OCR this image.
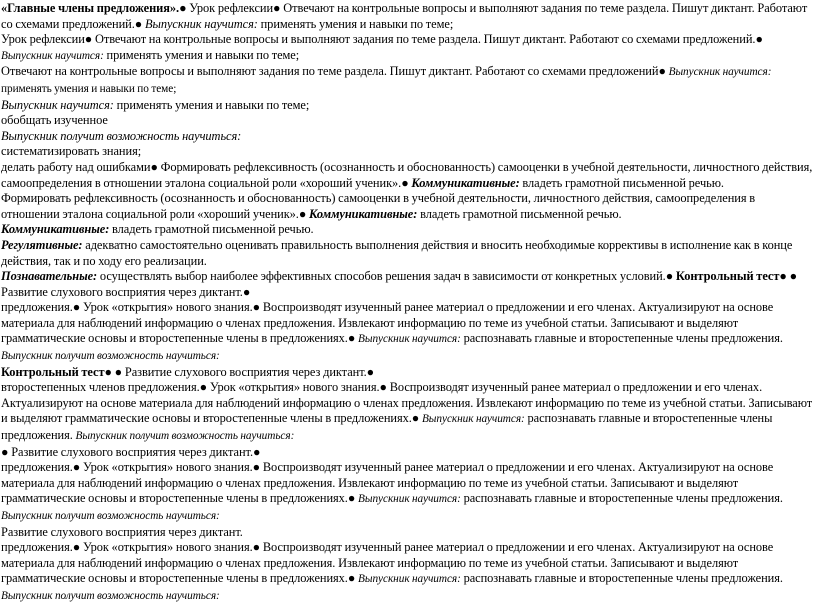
«Главные члены предложения».● Урок рефлексии● Отвечают на контрольные вопросы и выполняют задания по теме раздела. Пишут диктант. Работают со схемами предложений.● Выпускник научится: применять умения и навыки по теме;
Урок рефлексии● Отвечают на контрольные вопросы и выполняют задания по теме раздела. Пишут диктант. Работают со схемами предложений.● Выпускник научится: применять умения и навыки по теме;
Отвечают на контрольные вопросы и выполняют задания по теме раздела. Пишут диктант. Работают со схемами предложений● Выпускник научится:
применять умения и навыки по теме;
Выпускник научится: применять умения и навыки по теме;
обобщать изученное
Выпускник получит возможность научиться:
систематизировать знания;
делать работу над ошибками● Формировать рефлексивность (осознанность и обоснованность) самооценки в учебной деятельности, личностного действия, самоопределения в отношении эталона социальной роли «хороший ученик».● Коммуникативные: владеть грамотной письменной речью.
Формировать рефлексивность (осознанность и обоснованность) самооценки в учебной деятельности, личностного действия, самоопределения в отношении эталона социальной роли «хороший ученик».● Коммуникативные: владеть грамотной письменной речью.
Коммуникативные: владеть грамотной письменной речью.
Регулятивные: адекватно самостоятельно оценивать правильность выполнения действия и вносить необходимые коррективы в исполнение как в конце действия, так и по ходу его реализации.
Познавательные: осуществлять выбор наиболее эффективных способов решения задач в зависимости от конкретных условий.● Контрольный тест● ● Развитие слухового восприятия через диктант.●
предложения.● Урок «открытия» нового знания.● Воспроизводят изученный ранее материал о предложении и его членах. Актуализируют на основе материала для наблюдений информацию о членах предложения. Извлекают информацию по теме из учебной статьи. Записывают и выделяют грамматические основы и второстепенные члены в предложениях.● Выпускник научится: распознавать главные и второстепенные члены предложения.
Выпускник получит возможность научиться:
Контрольный тест● ● Развитие слухового восприятия через диктант.●
второстепенных членов предложения.● Урок «открытия» нового знания.● Воспроизводят изученный ранее материал о предложении и его членах. Актуализируют на основе материала для наблюдений информацию о членах предложения. Извлекают информацию по теме из учебной статьи. Записывают и выделяют грамматические основы и второстепенные члены в предложениях.● Выпускник научится: распознавать главные и второстепенные члены предложения. Выпускник получит возможность научиться:
● Развитие слухового восприятия через диктант.●
предложения.● Урок «открытия» нового знания.● Воспроизводят изученный ранее материал о предложении и его членах. Актуализируют на основе материала для наблюдений информацию о членах предложения. Извлекают информацию по теме из учебной статьи. Записывают и выделяют грамматические основы и второстепенные члены в предложениях.● Выпускник научится: распознавать главные и второстепенные члены предложения.
Выпускник получит возможность научиться:
Развитие слухового восприятия через диктант.
предложения.● Урок «открытия» нового знания.● Воспроизводят изученный ранее материал о предложении и его членах. Актуализируют на основе материала для наблюдений информацию о членах предложения. Извлекают информацию по теме из учебной статьи. Записывают и выделяют грамматические основы и второстепенные члены в предложениях.● Выпускник научится: распознавать главные и второстепенные члены предложения.
Выпускник получит возможность научиться:
